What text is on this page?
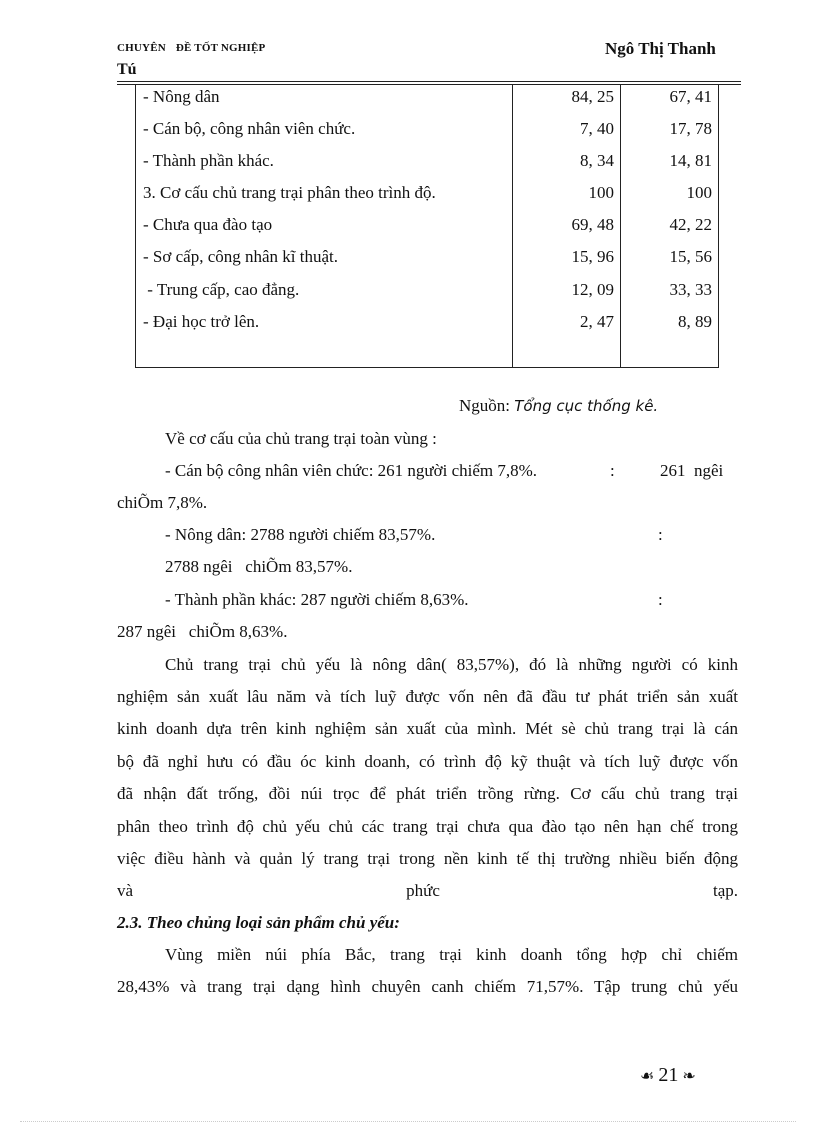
CHUYÊN ĐỀ TỐT NGHIỆP	Ngô Thị Thanh
Tú
- Nông dân	84, 25	67, 41
- Cán bộ, công nhân viên chức.	7, 40	17, 78
- Thành phần khác.	8, 34	14, 81
3. Cơ cấu chủ trang trại phân theo trình độ.	100	100
- Chưa qua đào tạo	69, 48	42, 22
- Sơ cấp, công nhân kĩ thuật.	15, 96	15, 56
- Trung cấp, cao đẳng.	12, 09	33, 33
- Đại học trở lên.	2, 47	8, 89
Nguồn: Tổng cục thống kê.
Về cơ cấu của chủ trang trại toàn vùng :
- Cán bộ công nhân viên chức: 261 người chiếm 7,8%.	:	261  ngêi
chiÕm 7,8%.
- Nông dân: 2788 người chiếm 83,57%.	:
2788 ngêi   chiÕm 83,57%.
- Thành phần khác: 287 người chiếm 8,63%.	:
287 ngêi   chiÕm 8,63%.
Chủ trang trại chủ yếu là nông dân( 83,57%), đó là những người có kinh
nghiệm sản xuất lâu năm và tích luỹ được vốn nên đã đầu tư phát triển sản xuất
kinh doanh dựa trên kinh nghiệm sản xuất của mình. Mét sè chủ trang trại là cán
bộ đã nghỉ hưu có đầu óc kinh doanh, có trình độ kỹ thuật và tích luỹ được vốn
đã nhận đất trống, đồi núi trọc để phát triển trồng rừng. Cơ cấu chủ trang trại
phân theo trình độ chủ yếu chủ các trang trại chưa qua đào tạo nên hạn chế trong
việc điều hành và quản lý trang trại trong nền kinh tế thị trường nhiều biến động
và	phức	tạp.
2.3. Theo chủng loại sản phẩm chủ yếu:
Vùng miền núi phía Bắc, trang trại kinh doanh tổng hợp chỉ chiếm
28,43% và trang trại dạng hình chuyên canh chiếm 71,57%. Tập trung chủ yếu
☙ 21 ❧
